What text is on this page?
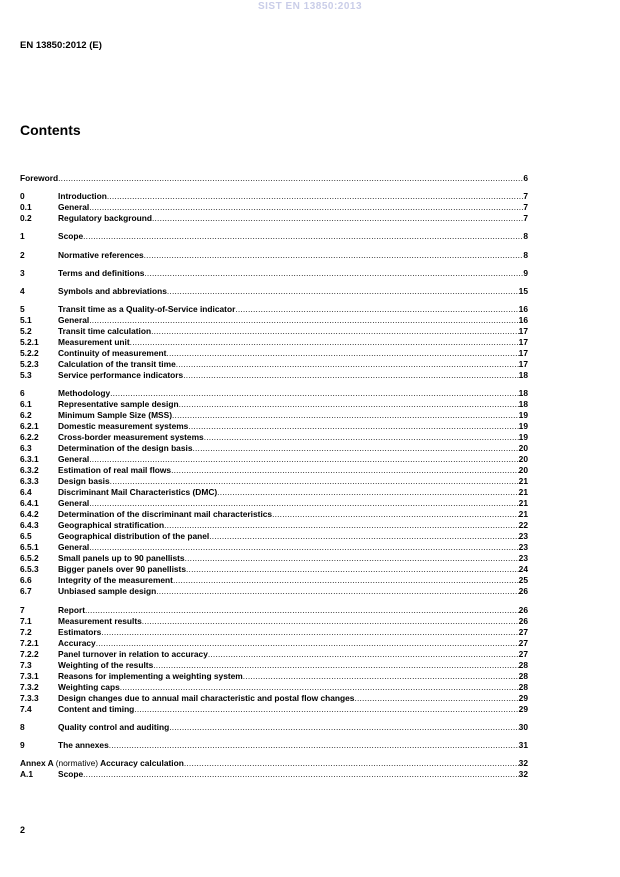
SIST EN 13850:2013
EN 13850:2012 (E)
Contents
Foreword .....	6
0	Introduction .....	7
0.1	General .....	7
0.2	Regulatory background .....	7
1	Scope .....	8
2	Normative references .....	8
3	Terms and definitions .....	9
4	Symbols and abbreviations .....	15
5	Transit time as a Quality-of-Service indicator .....	16
5.1	General .....	16
5.2	Transit time calculation .....	17
5.2.1	Measurement unit .....	17
5.2.2	Continuity of measurement .....	17
5.2.3	Calculation of the transit time .....	17
5.3	Service performance indicators .....	18
6	Methodology .....	18
6.1	Representative sample design .....	18
6.2	Minimum Sample Size (MSS) .....	19
6.2.1	Domestic measurement systems .....	19
6.2.2	Cross-border measurement systems .....	19
6.3	Determination of the design basis .....	20
6.3.1	General .....	20
6.3.2	Estimation of real mail flows .....	20
6.3.3	Design basis .....	21
6.4	Discriminant Mail Characteristics (DMC) .....	21
6.4.1	General .....	21
6.4.2	Determination of the discriminant mail characteristics .....	21
6.4.3	Geographical stratification .....	22
6.5	Geographical distribution of the panel .....	23
6.5.1	General .....	23
6.5.2	Small panels up to 90 panellists .....	23
6.5.3	Bigger panels over 90 panellists .....	24
6.6	Integrity of the measurement .....	25
6.7	Unbiased sample design .....	26
7	Report .....	26
7.1	Measurement results .....	26
7.2	Estimators .....	27
7.2.1	Accuracy .....	27
7.2.2	Panel turnover in relation to accuracy .....	27
7.3	Weighting of the results .....	28
7.3.1	Reasons for implementing a weighting system .....	28
7.3.2	Weighting caps .....	28
7.3.3	Design changes due to annual mail characteristic and postal flow changes .....	29
7.4	Content and timing .....	29
8	Quality control and auditing .....	30
9	The annexes .....	31
Annex A (normative) Accuracy calculation .....	32
A.1	Scope .....	32
2
